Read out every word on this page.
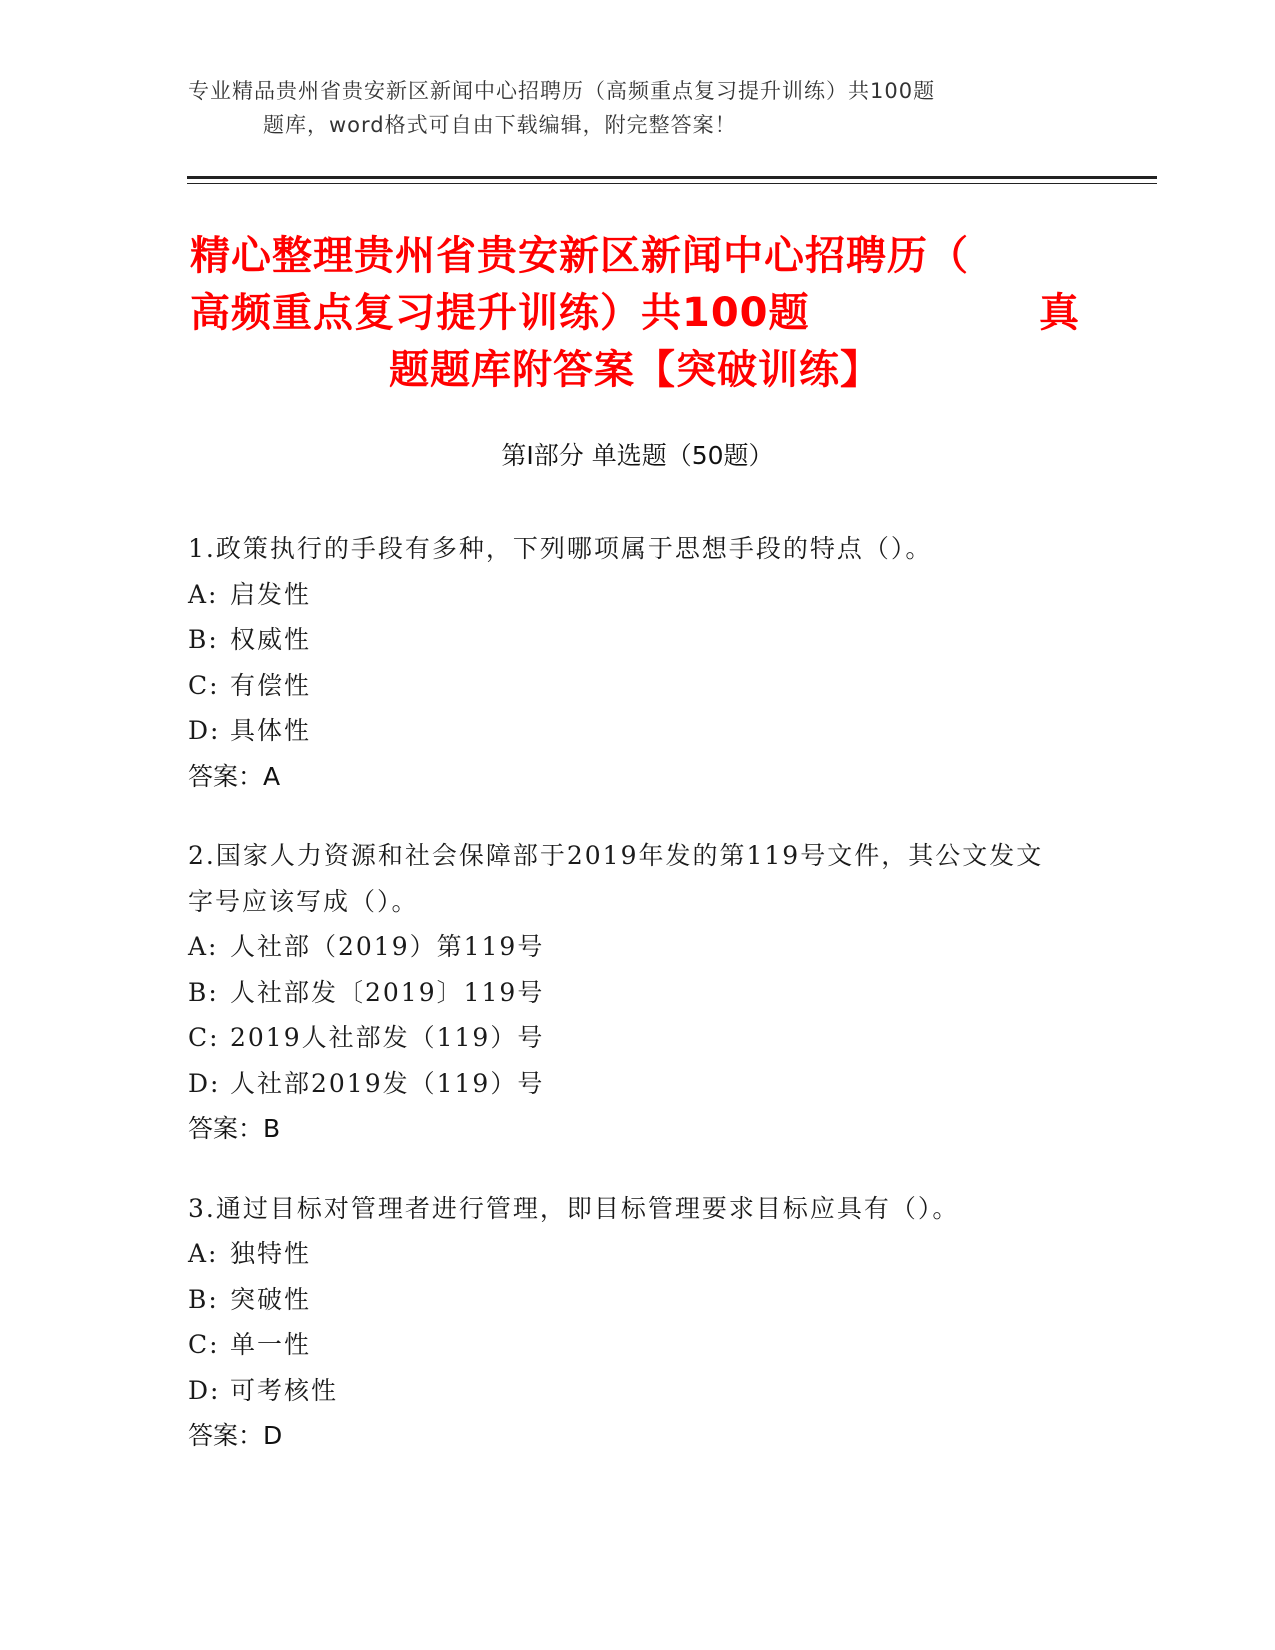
专业精品贵州省贵安新区新闻中心招聘历（高频重点复习提升训练）共100题
题库，word格式可自由下载编辑，附完整答案！
精心整理贵州省贵安新区新闻中心招聘历（
高频重点复习提升训练）共100题	真
题题库附答案【突破训练】
第Ⅰ部分 单选题（50题）
1.政策执行的手段有多种，下列哪项属于思想手段的特点（）。
A: 启发性
B: 权威性
C: 有偿性
D: 具体性
答案：A
2.国家人力资源和社会保障部于2019年发的第119号文件，其公文发文字号应该写成（）。
A: 人社部（2019）第119号
B: 人社部发〔2019〕119号
C: 2019人社部发（119）号
D: 人社部2019发（119）号
答案：B
3.通过目标对管理者进行管理，即目标管理要求目标应具有（）。
A: 独特性
B: 突破性
C: 单一性
D: 可考核性
答案：D
